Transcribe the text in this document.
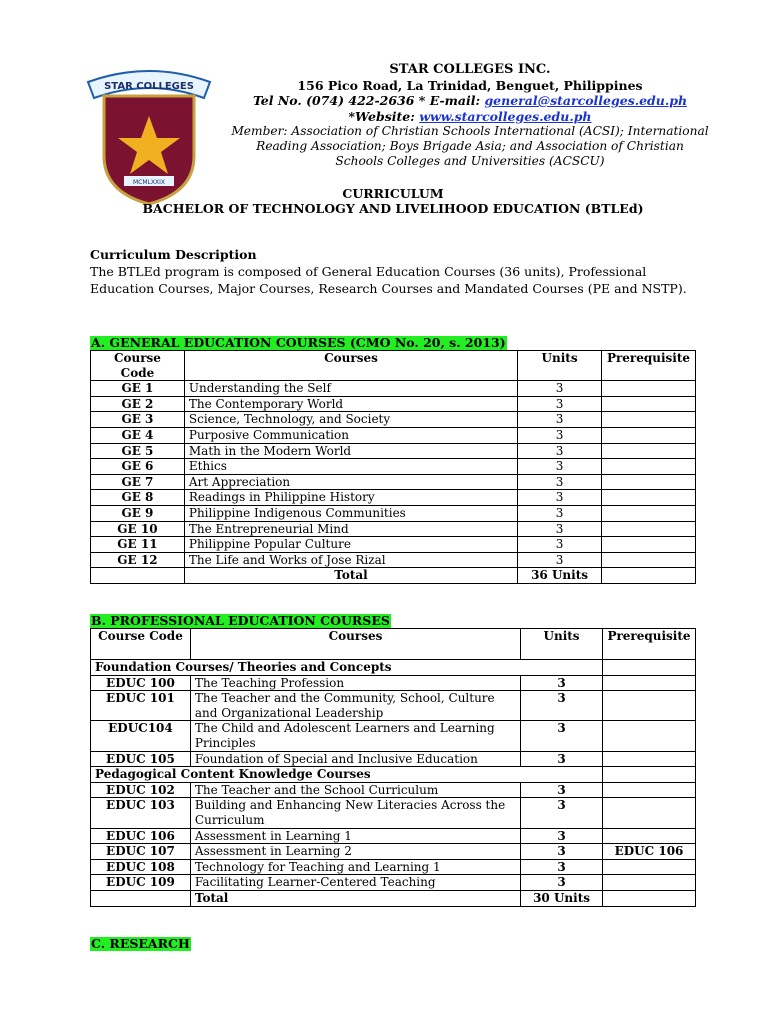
STAR COLLEGES
MCMLXXIX
STAR COLLEGES INC.
156 Pico Road, La Trinidad, Benguet, Philippines
Tel No. (074) 422-2636 * E-mail: general@starcolleges.edu.ph
*Website: www.starcolleges.edu.ph
Member: Association of Christian Schools International (ACSI); International
Reading Association; Boys Brigade Asia; and Association of Christian
Schools Colleges and Universities (ACSCU)
CURRICULUM
BACHELOR OF TECHNOLOGY AND LIVELIHOOD EDUCATION (BTLEd)
Curriculum Description
The BTLEd program is composed of General Education Courses (36 units), Professional Education Courses, Major Courses, Research Courses and Mandated Courses (PE and NSTP).
A. GENERAL EDUCATION COURSES (CMO No. 20, s. 2013)
Course
Code	Courses	Units	Prerequisite
GE 1	Understanding the Self	3	
GE 2	The Contemporary World	3	
GE 3	Science, Technology, and Society	3	
GE 4	Purposive Communication	3	
GE 5	Math in the Modern World	3	
GE 6	Ethics	3	
GE 7	Art Appreciation	3	
GE 8	Readings in Philippine History	3	
GE 9	Philippine Indigenous Communities	3	
GE 10	The Entrepreneurial Mind	3	
GE 11	Philippine Popular Culture	3	
GE 12	The Life and Works of Jose Rizal	3	
	Total	36 Units	
B. PROFESSIONAL EDUCATION COURSES
Course Code	Courses	Units	Prerequisite
Foundation Courses/ Theories and Concepts			
EDUC 100	The Teaching Profession	3	
EDUC 101	The Teacher and the Community, School, Culture and Organizational Leadership	3	
EDUC104	The Child and Adolescent Learners and Learning Principles	3	
EDUC 105	Foundation of Special and Inclusive Education	3	
Pedagogical Content Knowledge Courses			
EDUC 102	The Teacher and the School Curriculum	3	
EDUC 103	Building and Enhancing New Literacies Across the Curriculum	3	
EDUC 106	Assessment in Learning 1	3	
EDUC 107	Assessment in Learning 2	3	EDUC 106
EDUC 108	Technology for Teaching and Learning 1	3	
EDUC 109	Facilitating Learner-Centered Teaching	3	
	Total	30 Units	
C. RESEARCH
